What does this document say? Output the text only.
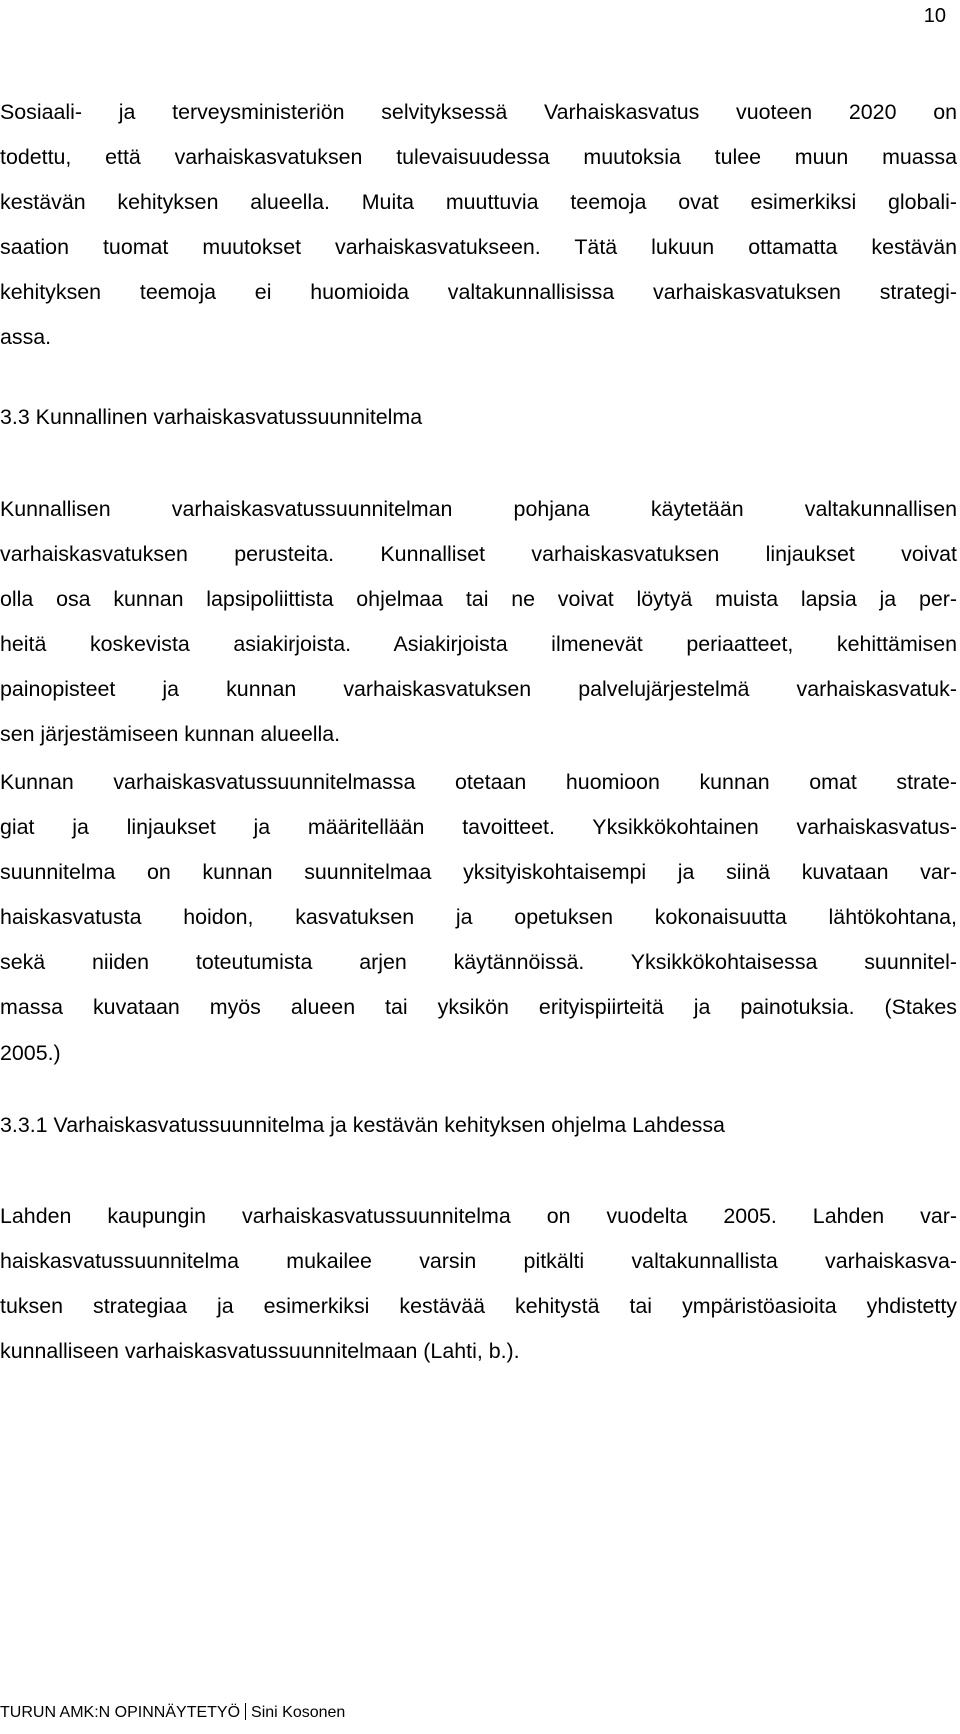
10
Sosiaali- ja terveysministeriön selvityksessä Varhaiskasvatus vuoteen 2020 on
todettu, että varhaiskasvatuksen tulevaisuudessa muutoksia tulee muun muassa
kestävän kehityksen alueella. Muita muuttuvia teemoja ovat esimerkiksi globali-
saation tuomat muutokset varhaiskasvatukseen. Tätä lukuun ottamatta kestävän
kehityksen teemoja ei huomioida valtakunnallisissa varhaiskasvatuksen strategi-
assa.
3.3 Kunnallinen varhaiskasvatussuunnitelma
Kunnallisen varhaiskasvatussuunnitelman pohjana käytetään valtakunnallisen
varhaiskasvatuksen perusteita. Kunnalliset varhaiskasvatuksen linjaukset voivat
olla osa kunnan lapsipoliittista ohjelmaa tai ne voivat löytyä muista lapsia ja per-
heitä koskevista asiakirjoista. Asiakirjoista ilmenevät periaatteet, kehittämisen
painopisteet ja kunnan varhaiskasvatuksen palvelujärjestelmä varhaiskasvatuk-
sen järjestämiseen kunnan alueella.
Kunnan varhaiskasvatussuunnitelmassa otetaan huomioon kunnan omat strate-
giat ja linjaukset ja määritellään tavoitteet. Yksikkökohtainen varhaiskasvatus-
suunnitelma on kunnan suunnitelmaa yksityiskohtaisempi ja siinä kuvataan var-
haiskasvatusta hoidon, kasvatuksen ja opetuksen kokonaisuutta lähtökohtana,
sekä niiden toteutumista arjen käytännöissä. Yksikkökohtaisessa suunnitel-
massa kuvataan myös alueen tai yksikön erityispiirteitä ja painotuksia. (Stakes
2005.)
3.3.1 Varhaiskasvatussuunnitelma ja kestävän kehityksen ohjelma Lahdessa
Lahden kaupungin varhaiskasvatussuunnitelma on vuodelta 2005. Lahden var-
haiskasvatussuunnitelma mukailee varsin pitkälti valtakunnallista varhaiskasva-
tuksen strategiaa ja esimerkiksi kestävää kehitystä tai ympäristöasioita yhdistetty
kunnalliseen varhaiskasvatussuunnitelmaan (Lahti, b.).
TURUN AMK:N OPINNÄYTETYÖ Sini Kosonen
